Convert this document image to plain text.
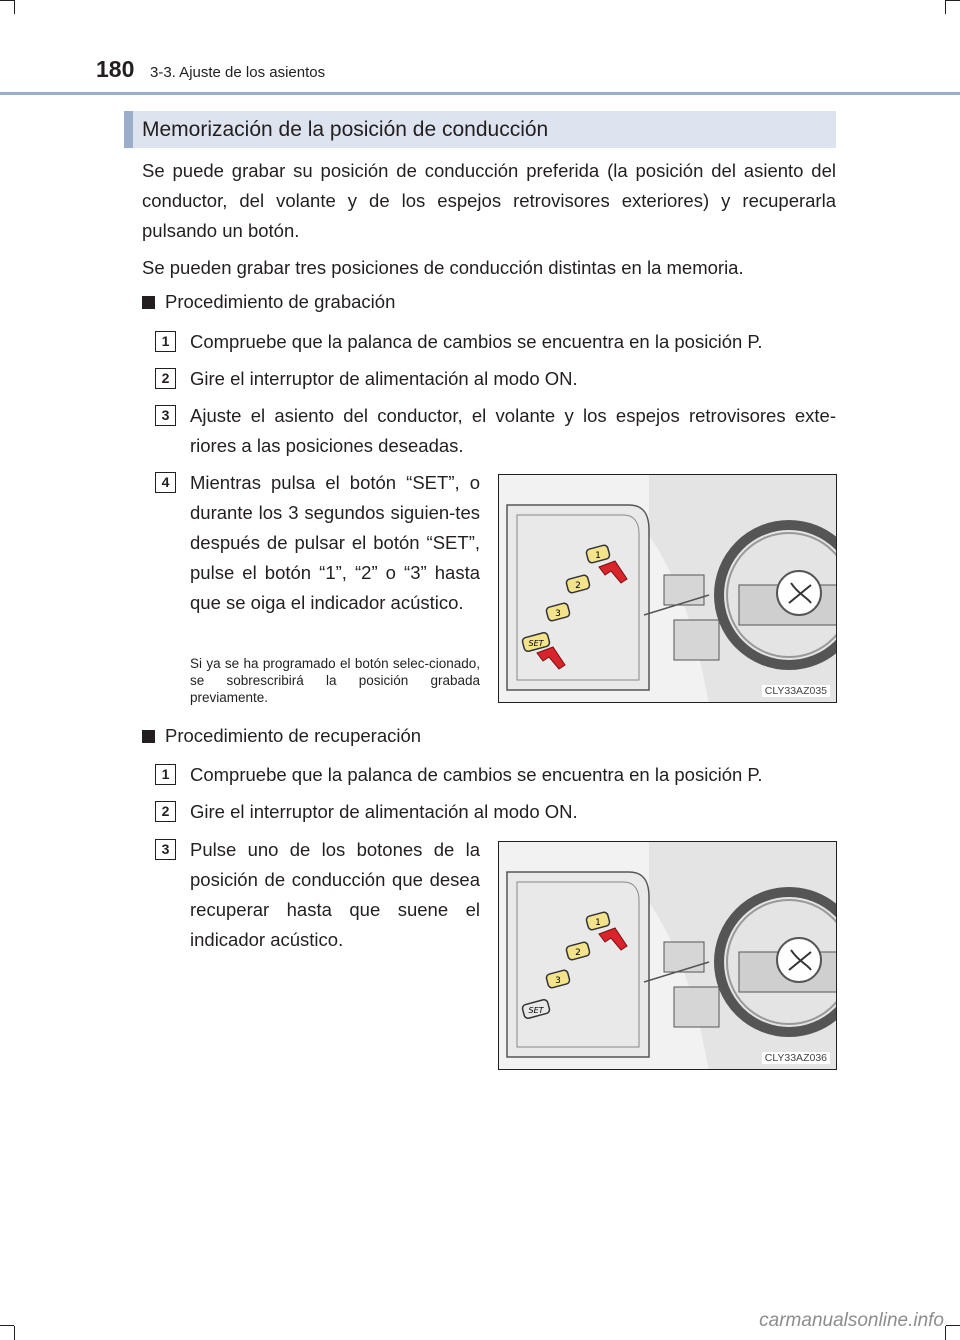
180 3-3. Ajuste de los asientos
Memorización de la posición de conducción
Se puede grabar su posición de conducción preferida (la posición del asiento del conductor, del volante y de los espejos retrovisores exteriores) y recuperarla pulsando un botón.
Se pueden grabar tres posiciones de conducción distintas en la memoria.
Procedimiento de grabación
1	Compruebe que la palanca de cambios se encuentra en la posición P.
2	Gire el interruptor de alimentación al modo ON.
3	Ajuste el asiento del conductor, el volante y los espejos retrovisores exte-riores a las posiciones deseadas.
4	Mientras pulsa el botón “SET”, o durante los 3 segundos siguien-tes después de pulsar el botón “SET”, pulse el botón “1”, “2” o “3” hasta que se oiga el indicador acústico.
Si ya se ha programado el botón selec-cionado, se sobrescribirá la posición grabada previamente.
1
2
3
SET
CLY33AZ035
Procedimiento de recuperación
1	Compruebe que la palanca de cambios se encuentra en la posición P.
2	Gire el interruptor de alimentación al modo ON.
3	Pulse uno de los botones de la posición de conducción que desea recuperar hasta que suene el indicador acústico.
1
2
3
SET
CLY33AZ036
carmanualsonline.info
